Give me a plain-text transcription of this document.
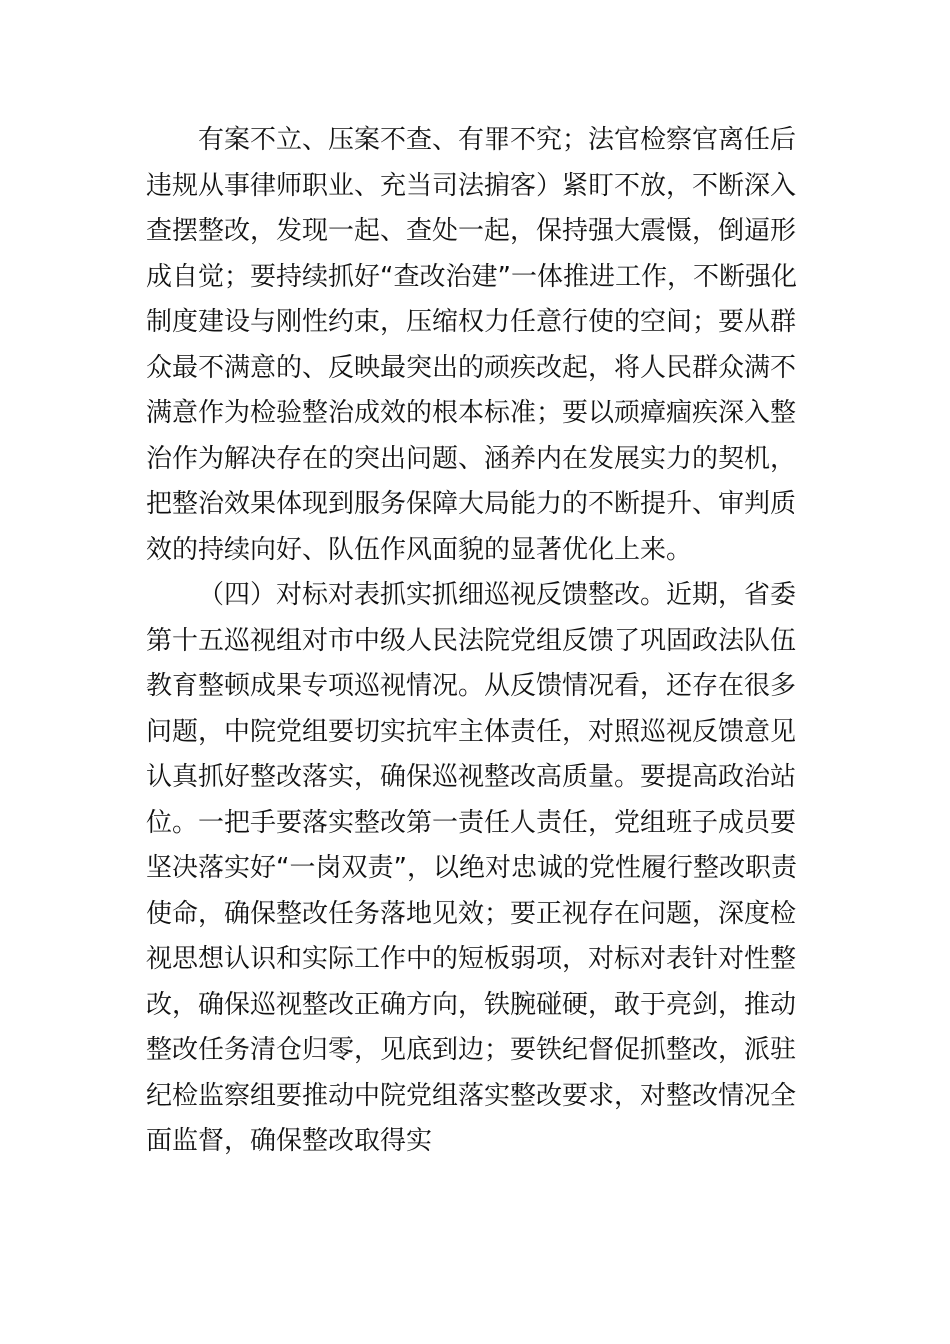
有案不立、压案不查、有罪不究；法官检察官离任后
违规从事律师职业、充当司法掮客）紧盯不放，不断深入
查摆整改，发现一起、查处一起，保持强大震慑，倒逼形
成自觉；要持续抓好“查改治建”一体推进工作，不断强化
制度建设与刚性约束，压缩权力任意行使的空间；要从群
众最不满意的、反映最突出的顽疾改起，将人民群众满不
满意作为检验整治成效的根本标准；要以顽瘴痼疾深入整
治作为解决存在的突出问题、涵养内在发展实力的契机，
把整治效果体现到服务保障大局能力的不断提升、审判质
效的持续向好、队伍作风面貌的显著优化上来。
（四）对标对表抓实抓细巡视反馈整改。近期，省委
第十五巡视组对市中级人民法院党组反馈了巩固政法队伍
教育整顿成果专项巡视情况。从反馈情况看，还存在很多
问题，中院党组要切实抗牢主体责任，对照巡视反馈意见
认真抓好整改落实，确保巡视整改高质量。要提高政治站
位。一把手要落实整改第一责任人责任，党组班子成员要
坚决落实好“一岗双责”，以绝对忠诚的党性履行整改职责
使命，确保整改任务落地见效；要正视存在问题，深度检
视思想认识和实际工作中的短板弱项，对标对表针对性整
改，确保巡视整改正确方向，铁腕碰硬，敢于亮剑，推动
整改任务清仓归零，见底到边；要铁纪督促抓整改，派驻
纪检监察组要推动中院党组落实整改要求，对整改情况全
面监督，确保整改取得实
